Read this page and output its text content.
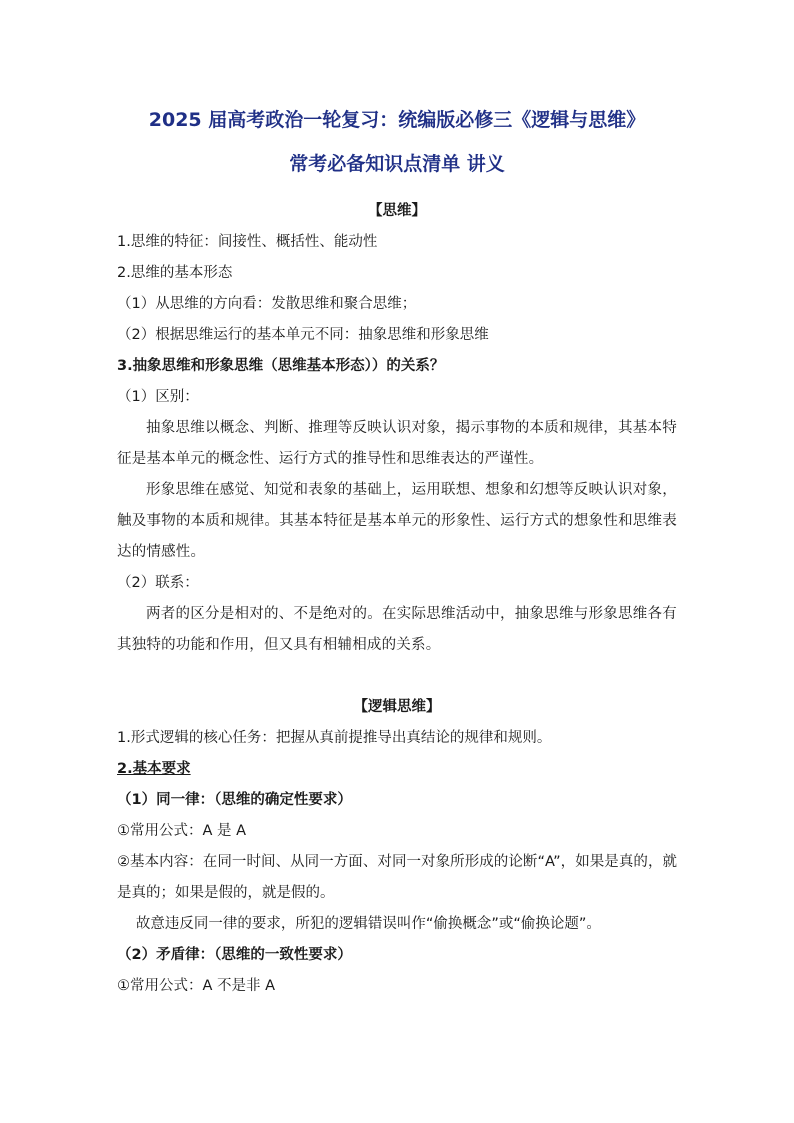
2025 届高考政治一轮复习：统编版必修三《逻辑与思维》

常考必备知识点清单 讲义

【思维】

1.思维的特征：间接性、概括性、能动性

2.思维的基本形态

（1）从思维的方向看：发散思维和聚合思维；

（2）根据思维运行的基本单元不同：抽象思维和形象思维

3.抽象思维和形象思维（思维基本形态））的关系？

（1）区别：

抽象思维以概念、判断、推理等反映认识对象，揭示事物的本质和规律，其基本特征是基本单元的概念性、运行方式的推导性和思维表达的严谨性。

形象思维在感觉、知觉和表象的基础上，运用联想、想象和幻想等反映认识对象，触及事物的本质和规律。其基本特征是基本单元的形象性、运行方式的想象性和思维表达的情感性。

（2）联系：

两者的区分是相对的、不是绝对的。在实际思维活动中，抽象思维与形象思维各有其独特的功能和作用，但又具有相辅相成的关系。

【逻辑思维】

1.形式逻辑的核心任务：把握从真前提推导出真结论的规律和规则。

2.基本要求

（1）同一律：（思维的确定性要求）

①常用公式：A 是 A

②基本内容：在同一时间、从同一方面、对同一对象所形成的论断“A”，如果是真的，就是真的；如果是假的，就是假的。

故意违反同一律的要求，所犯的逻辑错误叫作“偷换概念”或“偷换论题”。

（2）矛盾律：（思维的一致性要求）

①常用公式：A 不是非 A
